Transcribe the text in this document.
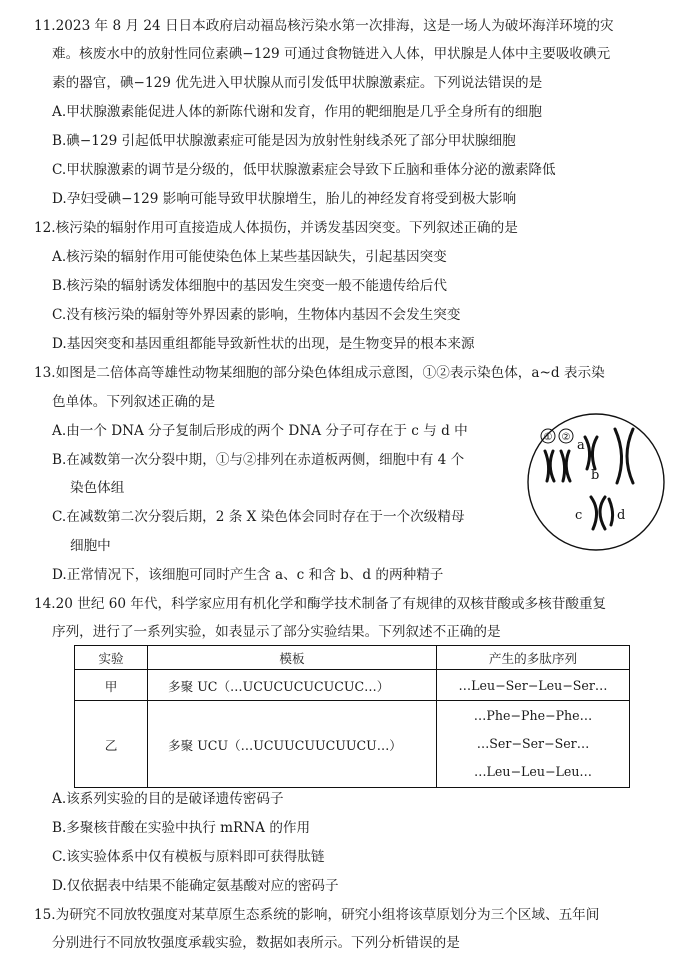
11.2023 年 8 月 24 日日本政府启动福岛核污染水第一次排海，这是一场人为破坏海洋环境的灾
难。核废水中的放射性同位素碘−129 可通过食物链进入人体，甲状腺是人体中主要吸收碘元
素的器官，碘−129 优先进入甲状腺从而引发低甲状腺激素症。下列说法错误的是
A.甲状腺激素能促进人体的新陈代谢和发育，作用的靶细胞是几乎全身所有的细胞
B.碘−129 引起低甲状腺激素症可能是因为放射性射线杀死了部分甲状腺细胞
C.甲状腺激素的调节是分级的，低甲状腺激素症会导致下丘脑和垂体分泌的激素降低
D.孕妇受碘−129 影响可能导致甲状腺增生，胎儿的神经发育将受到极大影响
12.核污染的辐射作用可直接造成人体损伤，并诱发基因突变。下列叙述正确的是
A.核污染的辐射作用可能使染色体上某些基因缺失，引起基因突变
B.核污染的辐射诱发体细胞中的基因发生突变一般不能遗传给后代
C.没有核污染的辐射等外界因素的影响，生物体内基因不会发生突变
D.基因突变和基因重组都能导致新性状的出现，是生物变异的根本来源
13.如图是二倍体高等雄性动物某细胞的部分染色体组成示意图，①②表示染色体，a~d 表示染
色单体。下列叙述正确的是
A.由一个 DNA 分子复制后形成的两个 DNA 分子可存在于 c 与 d 中
B.在减数第一次分裂中期，①与②排列在赤道板两侧，细胞中有 4 个
染色体组
C.在减数第二次分裂后期，2 条 X 染色体会同时存在于一个次级精母
细胞中
D.正常情况下，该细胞可同时产生含 a、c 和含 b、d 的两种精子
① ②
a
b
c	d
14.20 世纪 60 年代，科学家应用有机化学和酶学技术制备了有规律的双核苷酸或多核苷酸重复
序列，进行了一系列实验，如表显示了部分实验结果。下列叙述不正确的是
实验	模板	产生的多肽序列
甲	多聚 UC（…UCUCUCUCUCUC…）	…Leu−Ser−Leu−Ser…
乙	多聚 UCU（…UCUUCUUCUUCU…）	…Phe−Phe−Phe…
…Ser−Ser−Ser…
…Leu−Leu−Leu…
A.该系列实验的目的是破译遗传密码子
B.多聚核苷酸在实验中执行 mRNA 的作用
C.该实验体系中仅有模板与原料即可获得肽链
D.仅依据表中结果不能确定氨基酸对应的密码子
15.为研究不同放牧强度对某草原生态系统的影响，研究小组将该草原划分为三个区域、五年间
分别进行不同放牧强度承载实验，数据如表所示。下列分析错误的是
